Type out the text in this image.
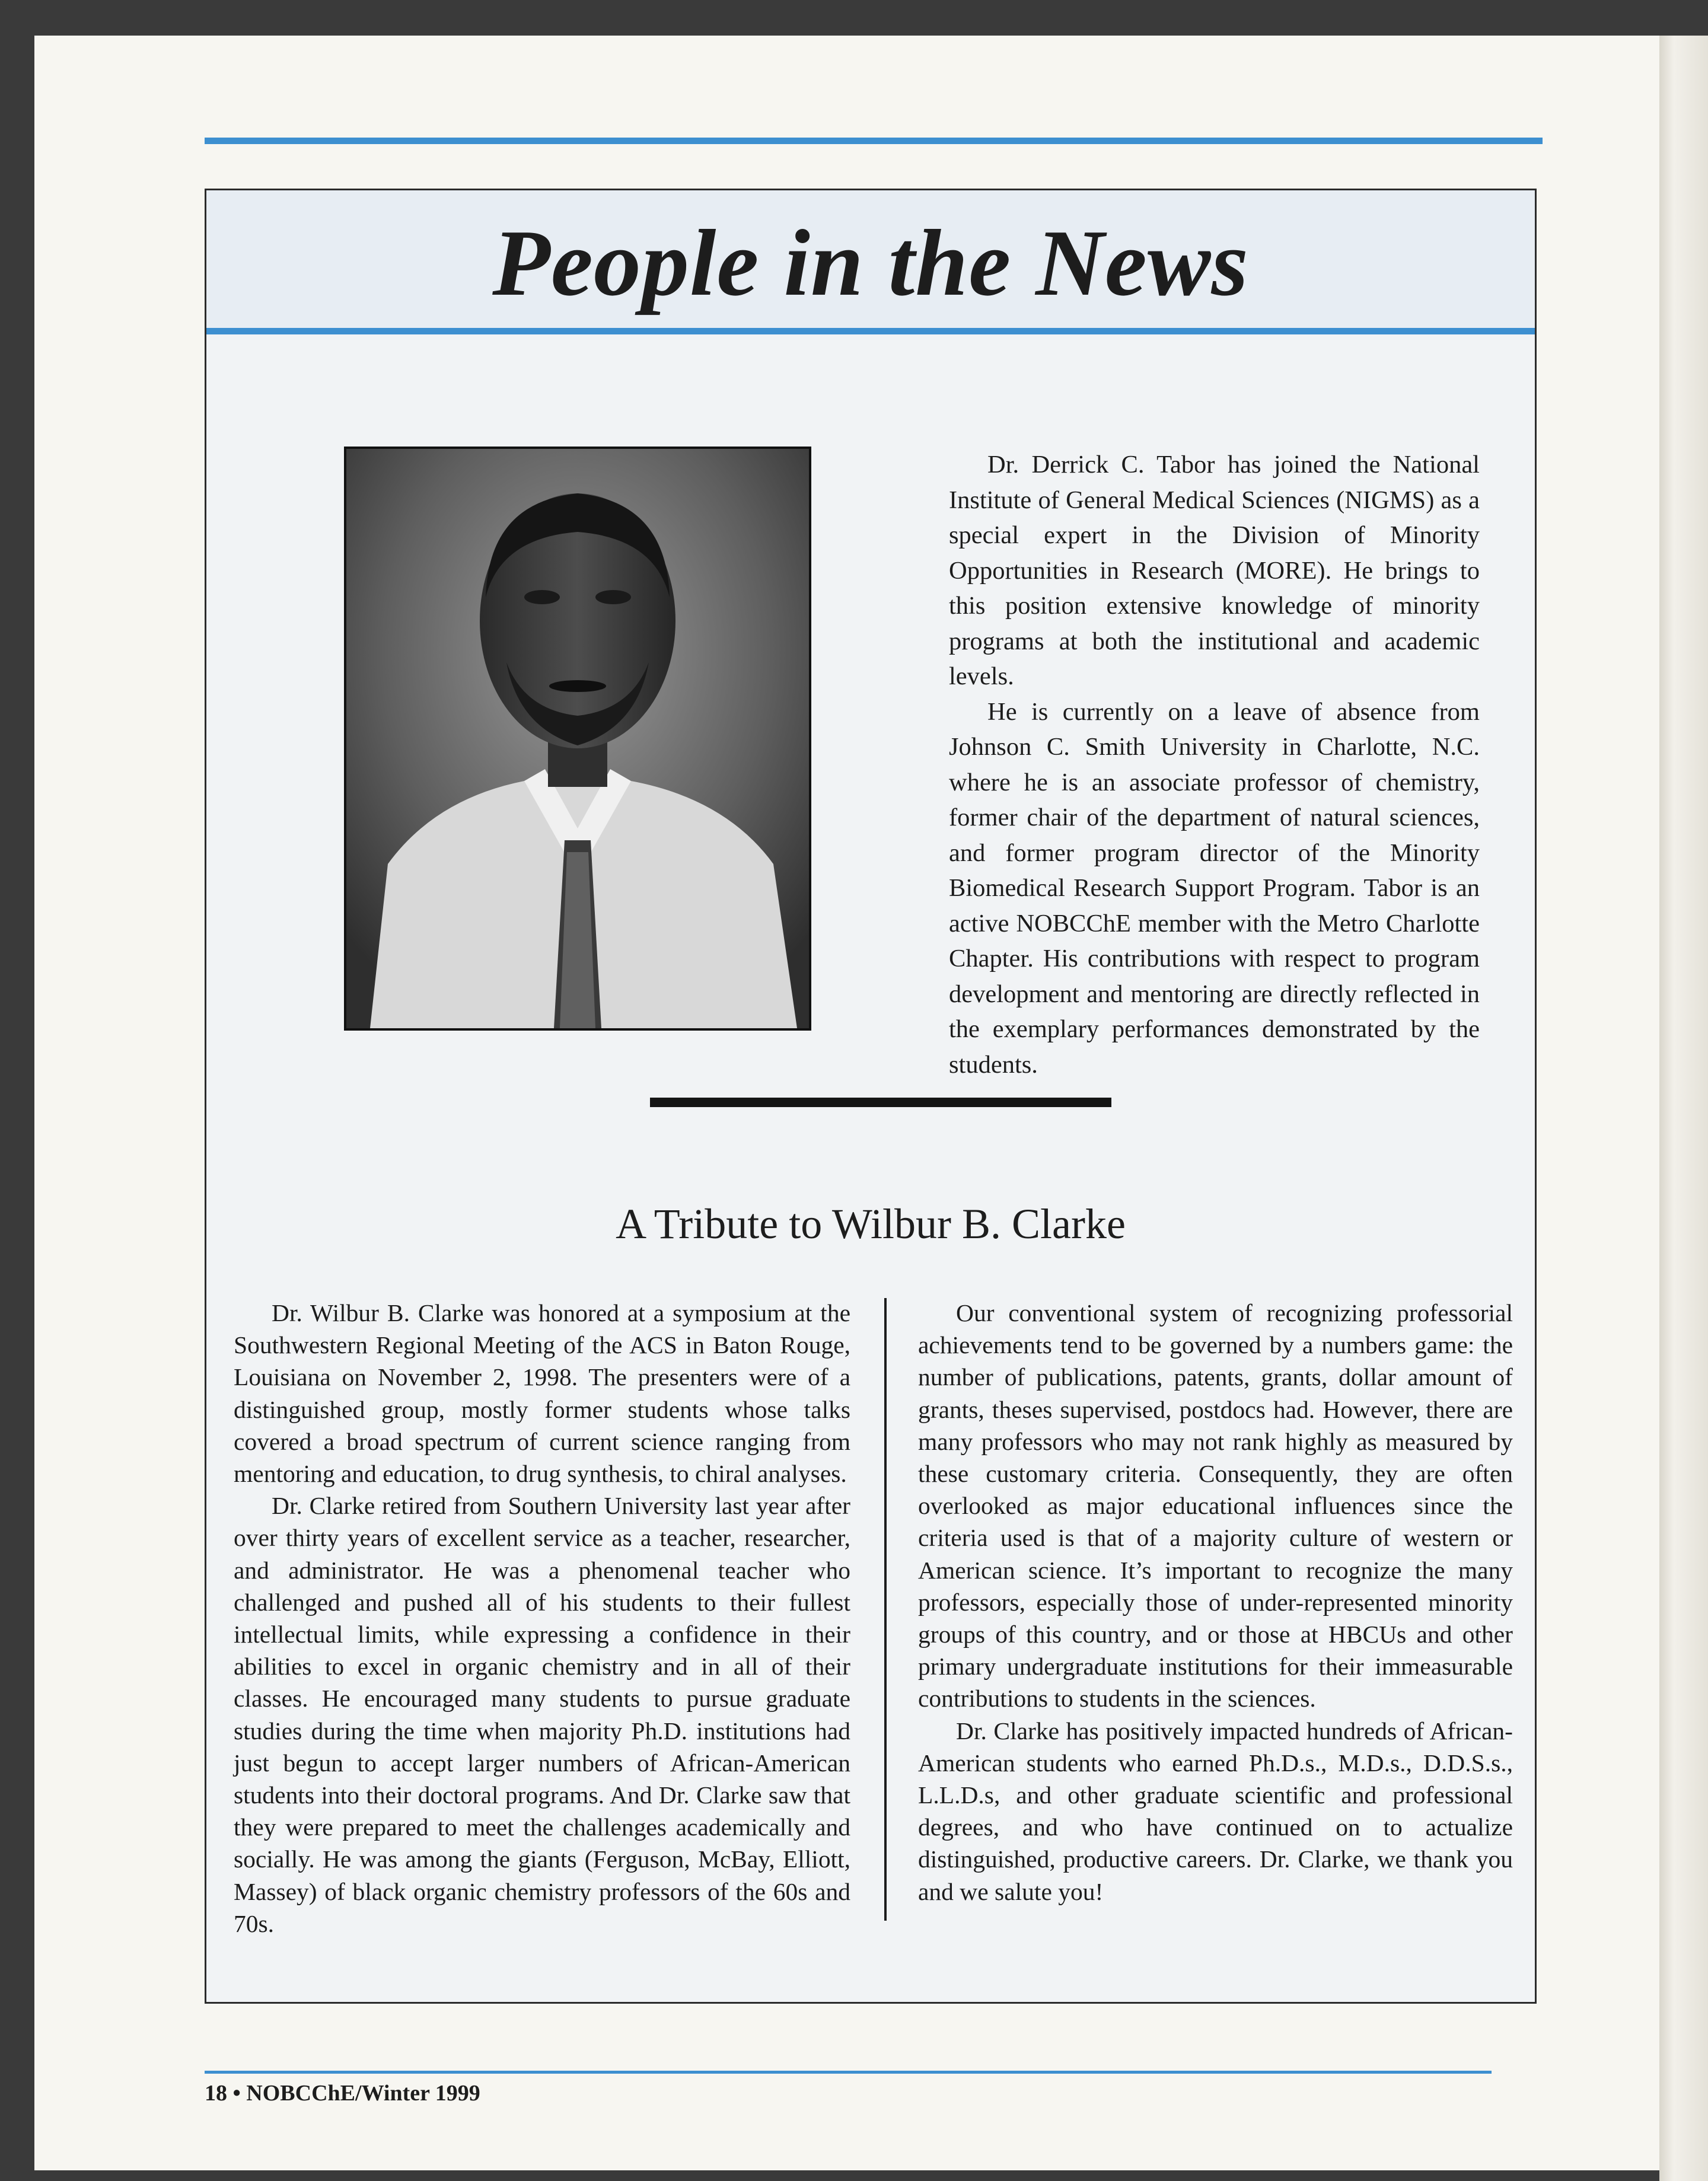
People in the News

Dr. Derrick C. Tabor has joined the National Institute of General Medical Sciences (NIGMS) as a special expert in the Division of Minority Opportunities in Research (MORE). He brings to this position extensive knowledge of minority programs at both the institutional and academic levels.

He is currently on a leave of absence from Johnson C. Smith University in Charlotte, N.C. where he is an associate professor of chemistry, former chair of the department of natural sciences, and former program director of the Minority Biomedical Research Support Program. Tabor is an active NOBCChE member with the Metro Charlotte Chapter. His contributions with respect to program development and mentoring are directly reflected in the exemplary performances demonstrated by the students.

A Tribute to Wilbur B. Clarke

Dr. Wilbur B. Clarke was honored at a symposium at the Southwestern Regional Meeting of the ACS in Baton Rouge, Louisiana on November 2, 1998. The presenters were of a distinguished group, mostly former students whose talks covered a broad spectrum of current science ranging from mentoring and education, to drug synthesis, to chiral analyses.

Dr. Clarke retired from Southern University last year after over thirty years of excellent service as a teacher, researcher, and administrator. He was a phenomenal teacher who challenged and pushed all of his students to their fullest intellectual limits, while expressing a confidence in their abilities to excel in organic chemistry and in all of their classes. He encouraged many students to pursue graduate studies during the time when majority Ph.D. institutions had just begun to accept larger numbers of African-American students into their doctoral programs. And Dr. Clarke saw that they were prepared to meet the challenges academically and socially. He was among the giants (Ferguson, McBay, Elliott, Massey) of black organic chemistry professors of the 60s and 70s.

Our conventional system of recognizing professorial achievements tend to be governed by a numbers game: the number of publications, patents, grants, dollar amount of grants, theses supervised, postdocs had. However, there are many professors who may not rank highly as measured by these customary criteria. Consequently, they are often overlooked as major educational influences since the criteria used is that of a majority culture of western or American science. It’s important to recognize the many professors, especially those of under-represented minority groups of this country, and or those at HBCUs and other primary undergraduate institutions for their immeasurable contributions to students in the sciences.

Dr. Clarke has positively impacted hundreds of African-American students who earned Ph.D.s., M.D.s., D.D.S.s., L.L.D.s, and other graduate scientific and professional degrees, and who have continued on to actualize distinguished, productive careers. Dr. Clarke, we thank you and we salute you!

18 • NOBCChE/Winter 1999
